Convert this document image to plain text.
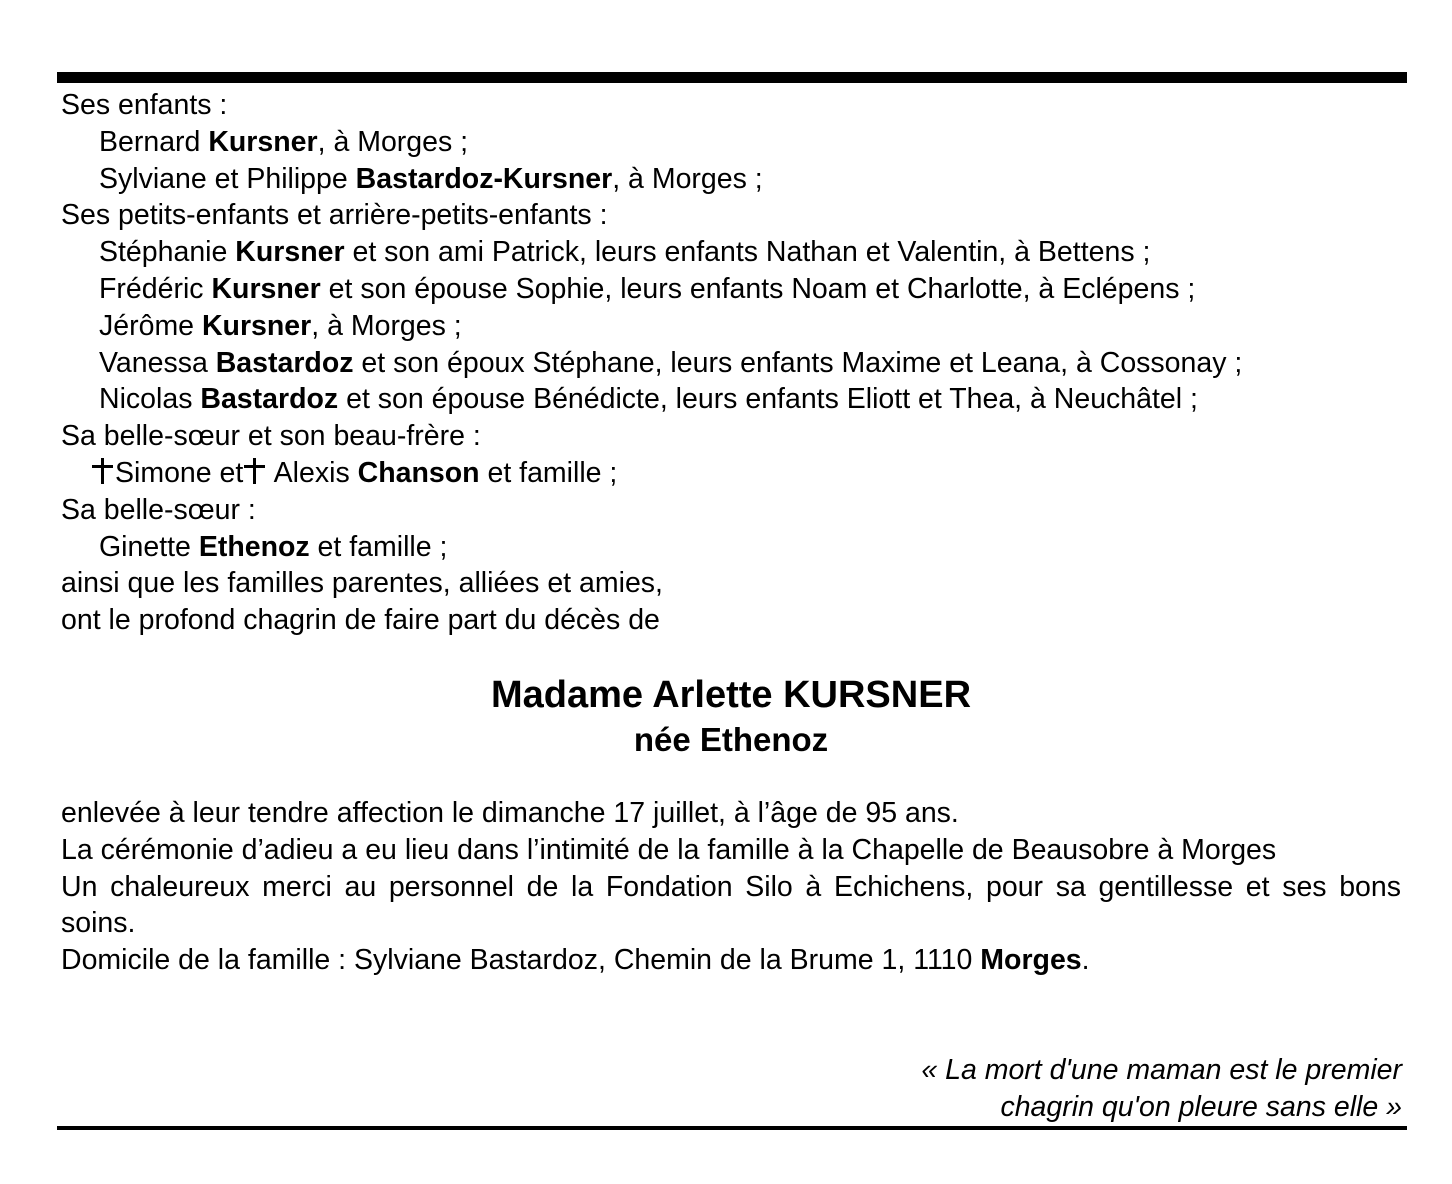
Ses enfants :
Bernard Kursner, à Morges ;
Sylviane et Philippe Bastardoz-Kursner, à Morges ;
Ses petits-enfants et arrière-petits-enfants :
Stéphanie Kursner et son ami Patrick, leurs enfants Nathan et Valentin, à Bettens ;
Frédéric Kursner et son épouse Sophie, leurs enfants Noam et Charlotte, à Eclépens ;
Jérôme Kursner, à Morges ;
Vanessa Bastardoz et son époux Stéphane, leurs enfants Maxime et Leana, à Cossonay ;
Nicolas Bastardoz et son épouse Bénédicte, leurs enfants Eliott et Thea, à Neuchâtel ;
Sa belle-sœur et son beau-frère :
Simone et Alexis Chanson et famille ;
Sa belle-sœur :
Ginette Ethenoz et famille ;
ainsi que les familles parentes, alliées et amies,
ont le profond chagrin de faire part du décès de
Madame Arlette KURSNER
née Ethenoz
enlevée à leur tendre affection le dimanche 17 juillet, à l’âge de 95 ans.
La cérémonie d’adieu a eu lieu dans l’intimité de la famille à la Chapelle de Beausobre à Morges
Un chaleureux merci au personnel de la Fondation Silo à Echichens, pour sa gentillesse et ses bons soins.
Domicile de la famille : Sylviane Bastardoz, Chemin de la Brume 1, 1110 Morges.
« La mort d'une maman est le premier
chagrin qu'on pleure sans elle »
